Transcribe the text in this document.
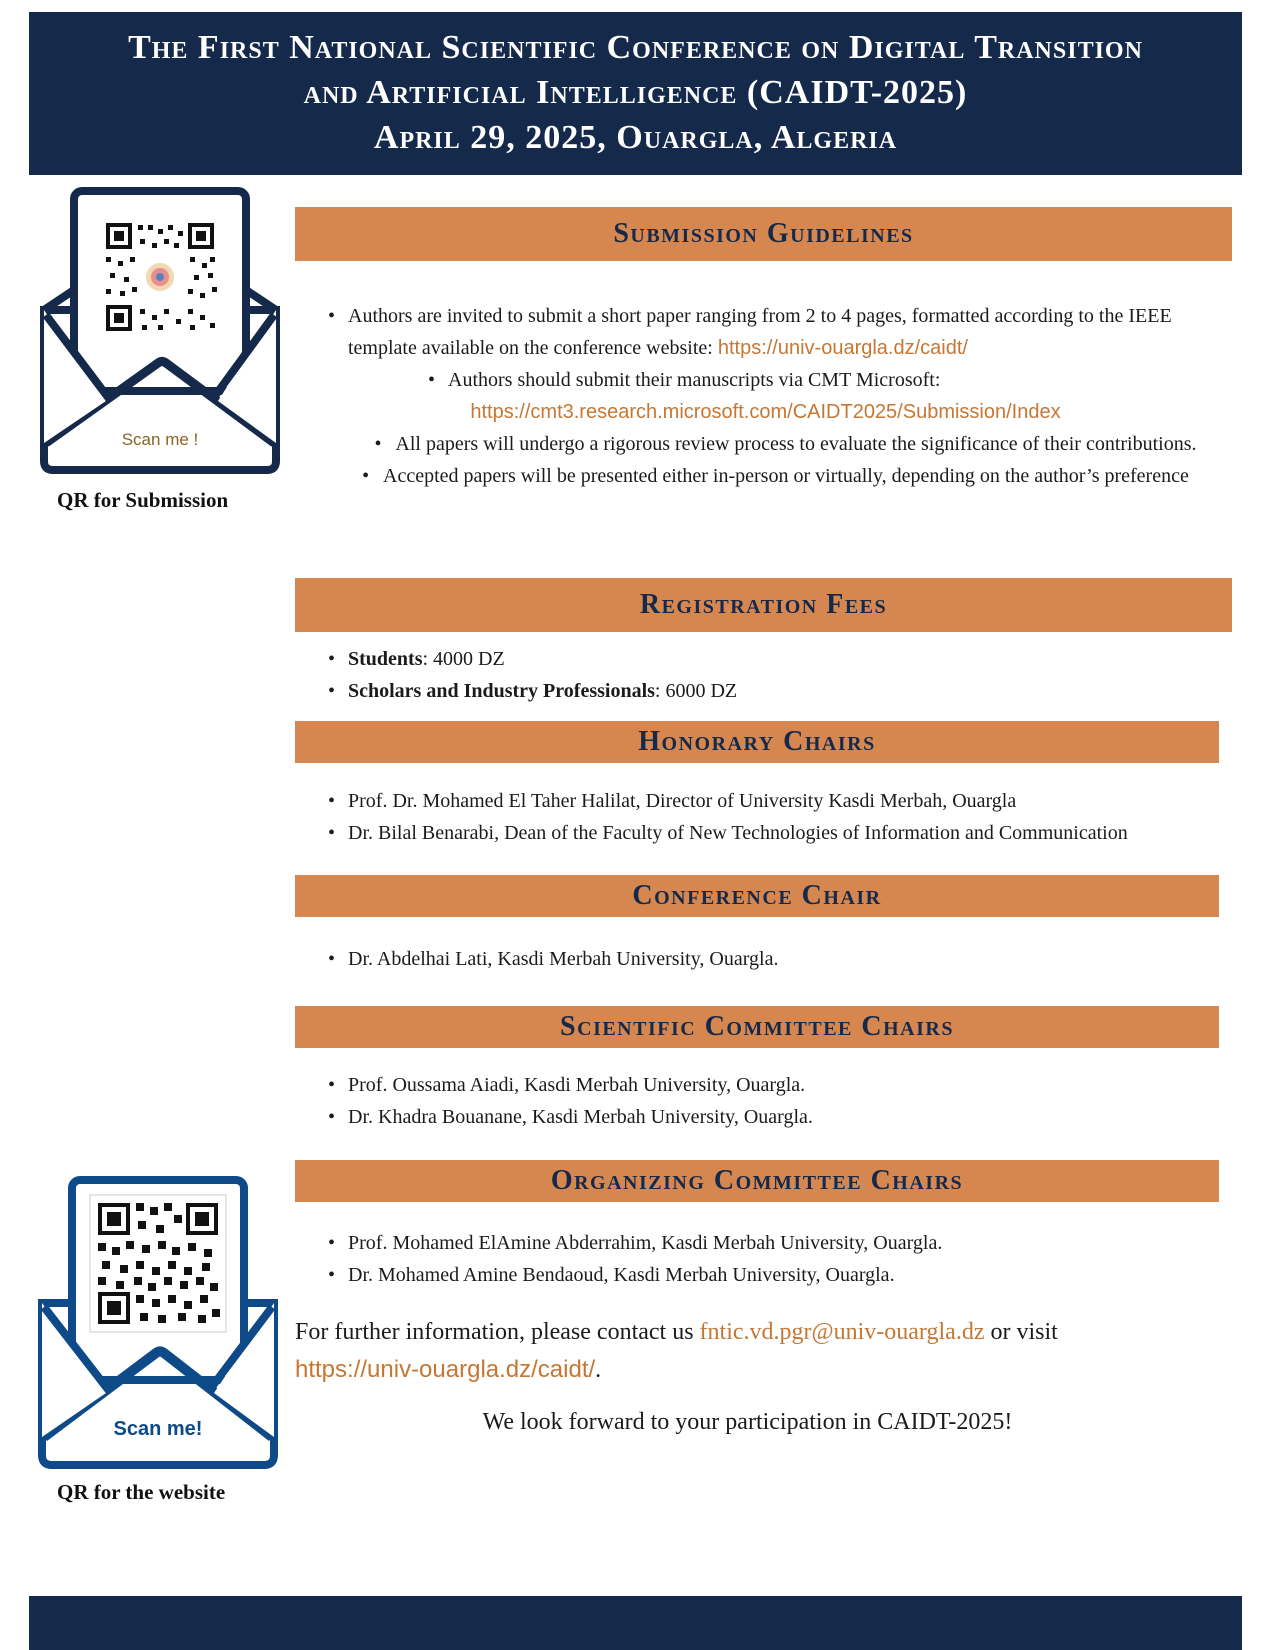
The First National Scientific Conference on Digital Transition
and Artificial Intelligence (CAIDT-2025)
April 29, 2025, Ouargla, Algeria
Scan me !
QR for Submission
Scan me!
QR for the website
Submission Guidelines
• Authors are invited to submit a short paper ranging from 2 to 4 pages, formatted according to the IEEE template available on the conference website: https://univ-ouargla.dz/caidt/
• Authors should submit their manuscripts via CMT Microsoft:
https://cmt3.research.microsoft.com/CAIDT2025/Submission/Index
• All papers will undergo a rigorous review process to evaluate the significance of their contributions.
• Accepted papers will be presented either in-person or virtually, depending on the author’s preference
Registration Fees
• Students: 4000 DZ
• Scholars and Industry Professionals: 6000 DZ
Honorary Chairs
• Prof. Dr. Mohamed El Taher Halilat, Director of University Kasdi Merbah, Ouargla
• Dr. Bilal Benarabi, Dean of the Faculty of New Technologies of Information and Communication
Conference Chair
• Dr. Abdelhai Lati, Kasdi Merbah University, Ouargla.
Scientific Committee Chairs
• Prof. Oussama Aiadi, Kasdi Merbah University, Ouargla.
• Dr. Khadra Bouanane, Kasdi Merbah University, Ouargla.
Organizing Committee Chairs
• Prof. Mohamed ElAmine Abderrahim, Kasdi Merbah University, Ouargla.
• Dr. Mohamed Amine Bendaoud, Kasdi Merbah University, Ouargla.
For further information, please contact us fntic.vd.pgr@univ-ouargla.dz or visit
https://univ-ouargla.dz/caidt/.
We look forward to your participation in CAIDT-2025!
